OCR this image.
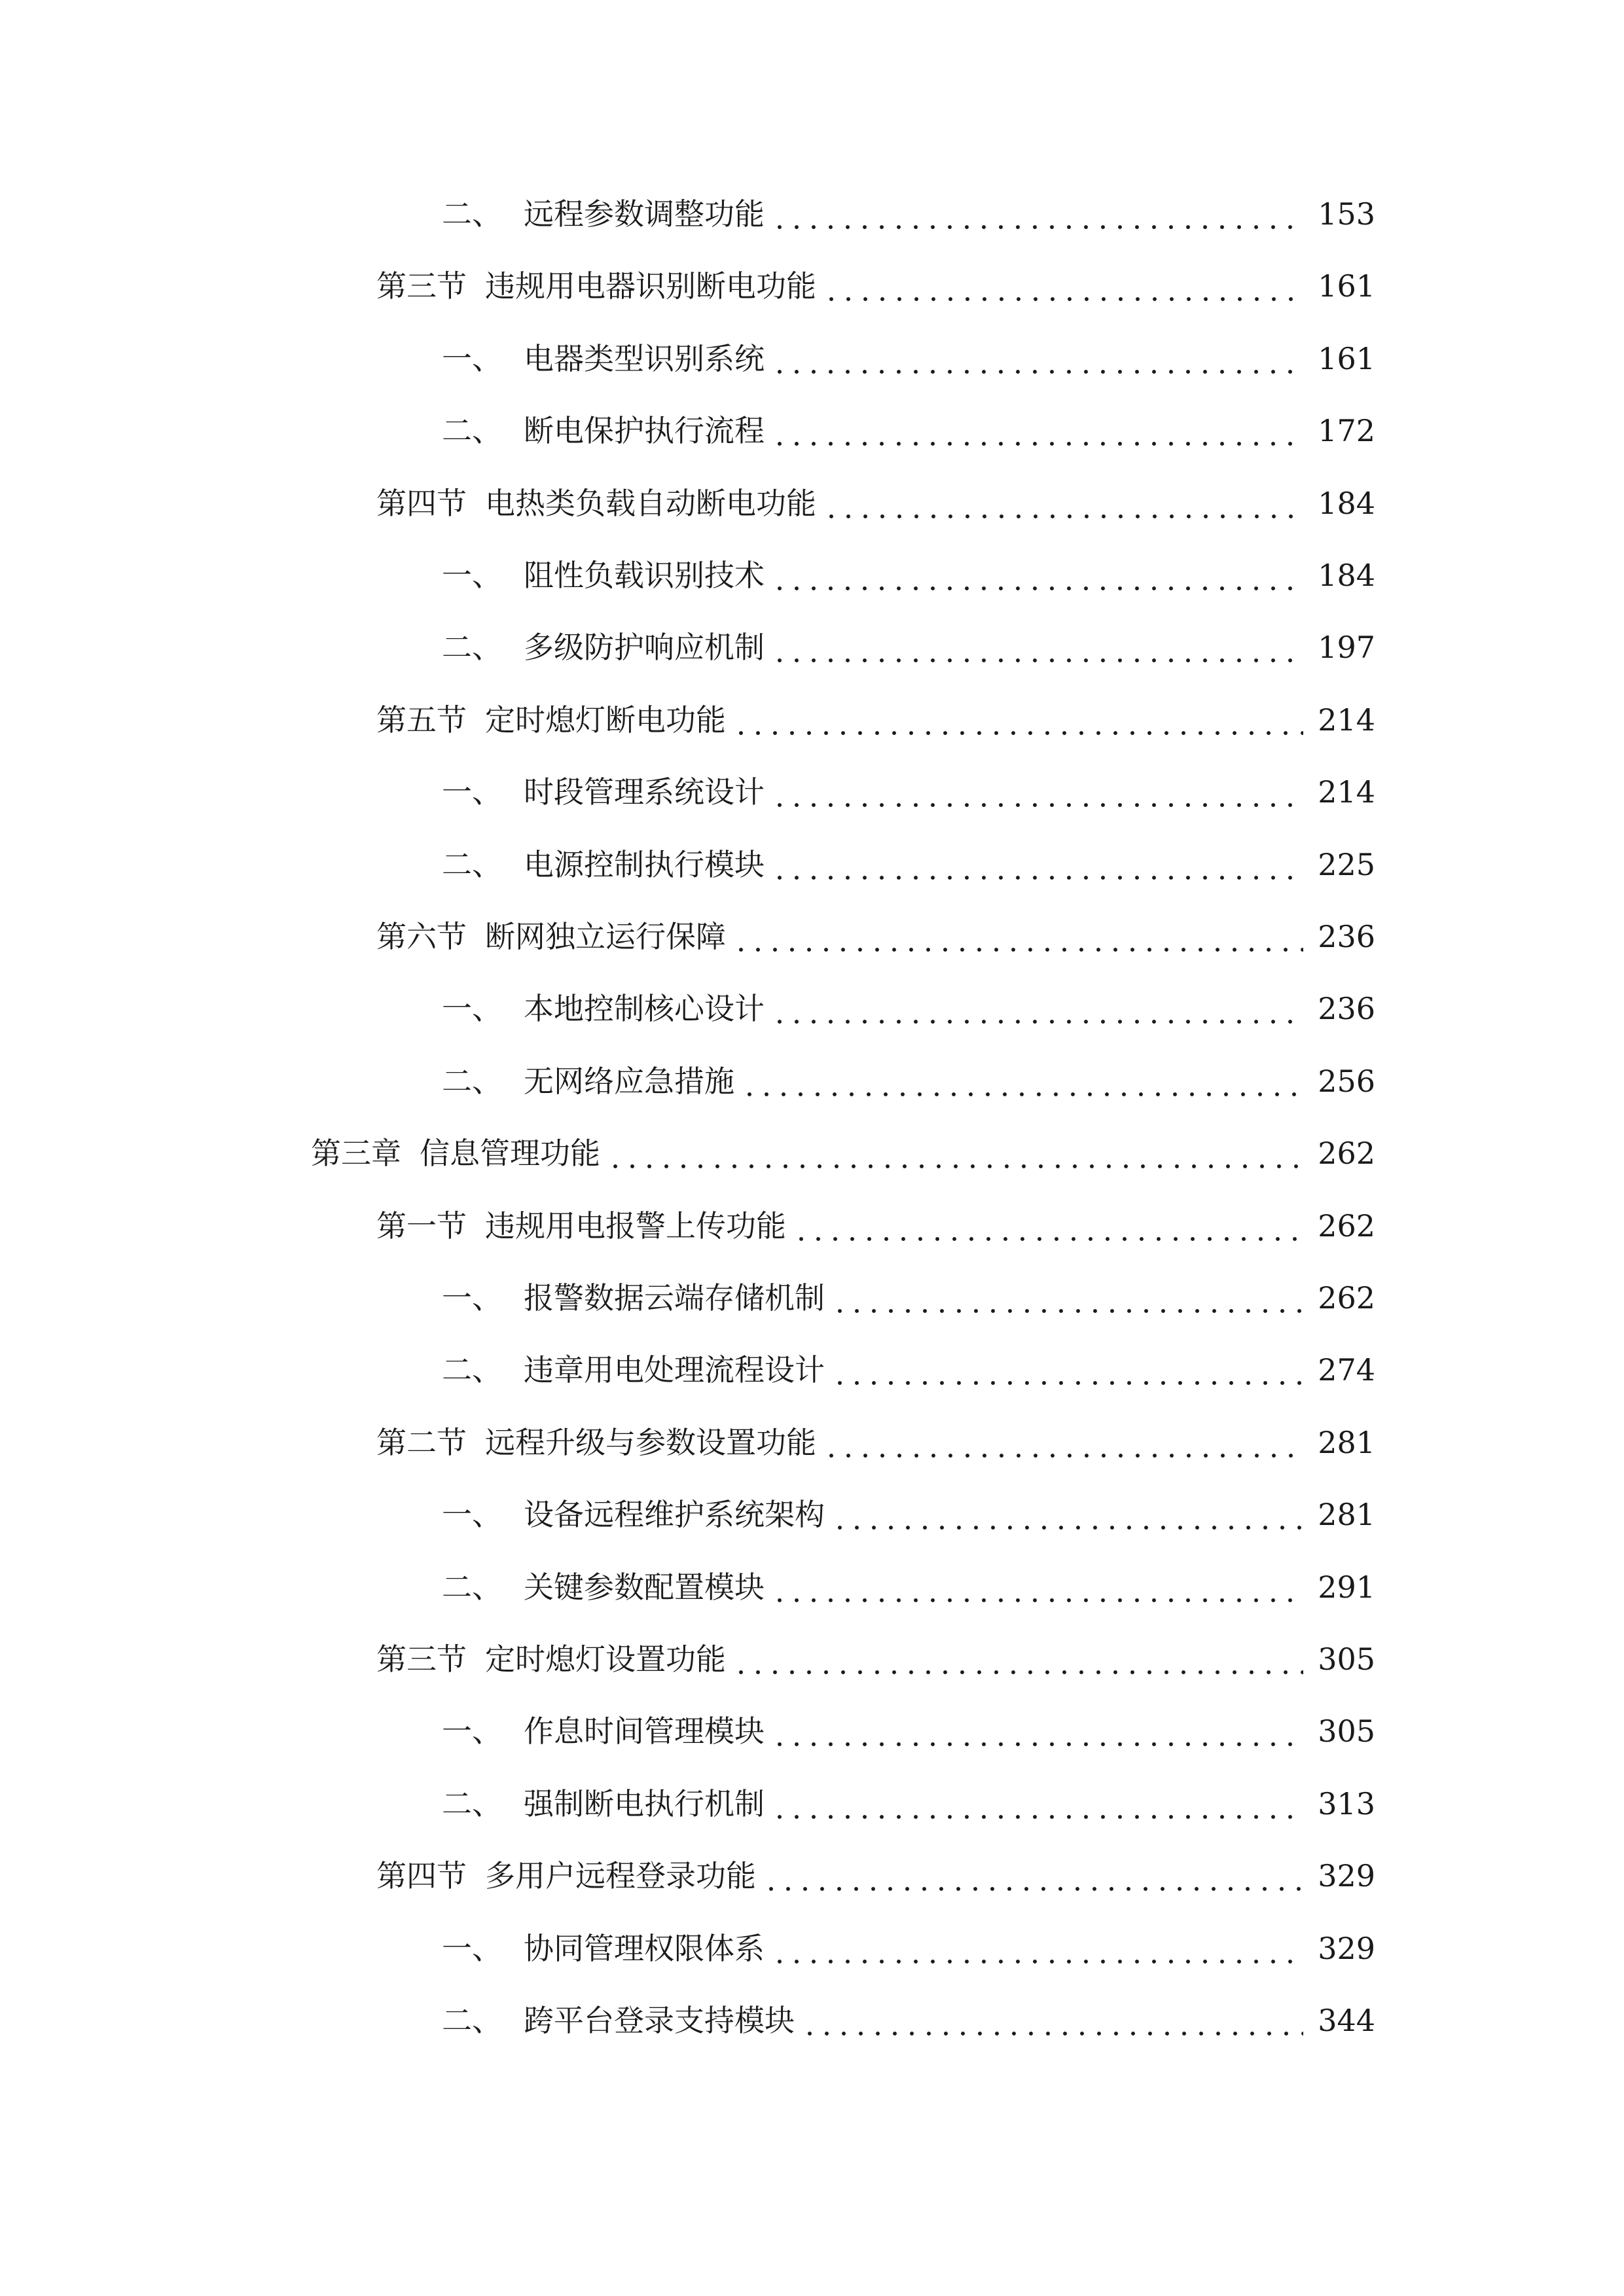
二、 远程参数调整功能	153
第三节 违规用电器识别断电功能	161
一、 电器类型识别系统	161
二、 断电保护执行流程	172
第四节 电热类负载自动断电功能	184
一、 阻性负载识别技术	184
二、 多级防护响应机制	197
第五节 定时熄灯断电功能	214
一、 时段管理系统设计	214
二、 电源控制执行模块	225
第六节 断网独立运行保障	236
一、 本地控制核心设计	236
二、 无网络应急措施	256
第三章 信息管理功能	262
第一节 违规用电报警上传功能	262
一、 报警数据云端存储机制	262
二、 违章用电处理流程设计	274
第二节 远程升级与参数设置功能	281
一、 设备远程维护系统架构	281
二、 关键参数配置模块	291
第三节 定时熄灯设置功能	305
一、 作息时间管理模块	305
二、 强制断电执行机制	313
第四节 多用户远程登录功能	329
一、 协同管理权限体系	329
二、 跨平台登录支持模块	344
